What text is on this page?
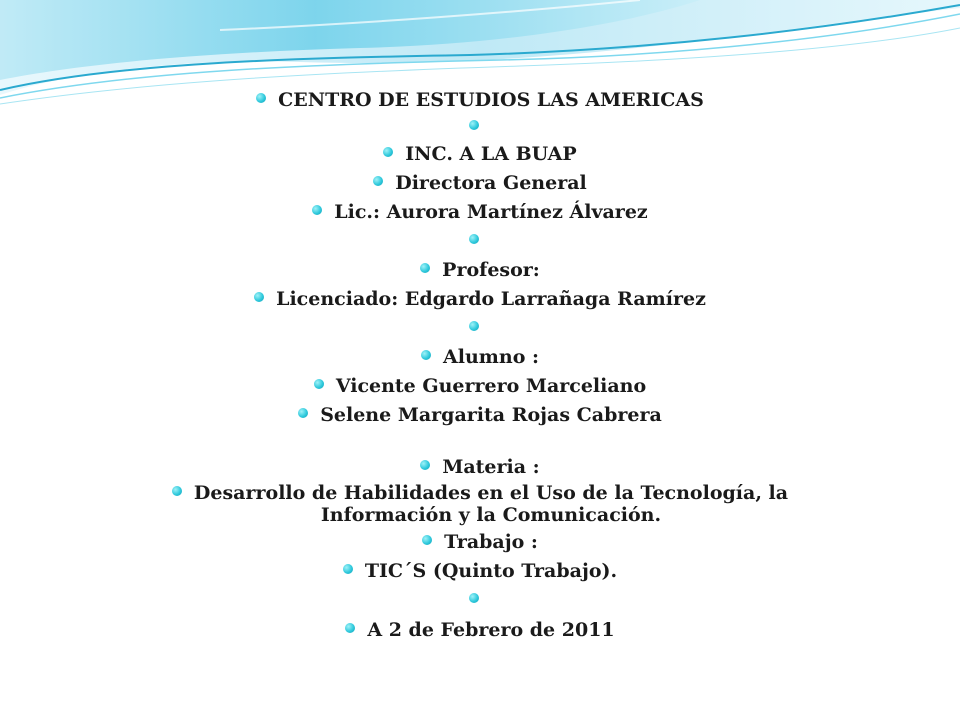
CENTRO DE ESTUDIOS LAS AMERICAS

INC. A LA BUAP

Directora General

Lic.: Aurora Martínez Álvarez

Profesor:

Licenciado: Edgardo Larrañaga Ramírez

Alumno :

Vicente Guerrero Marceliano

Selene Margarita Rojas Cabrera

Materia :

Desarrollo de Habilidades en el Uso de la Tecnología, la
Información y la Comunicación.

Trabajo :

TIC´S (Quinto Trabajo).

A 2 de Febrero de 2011
